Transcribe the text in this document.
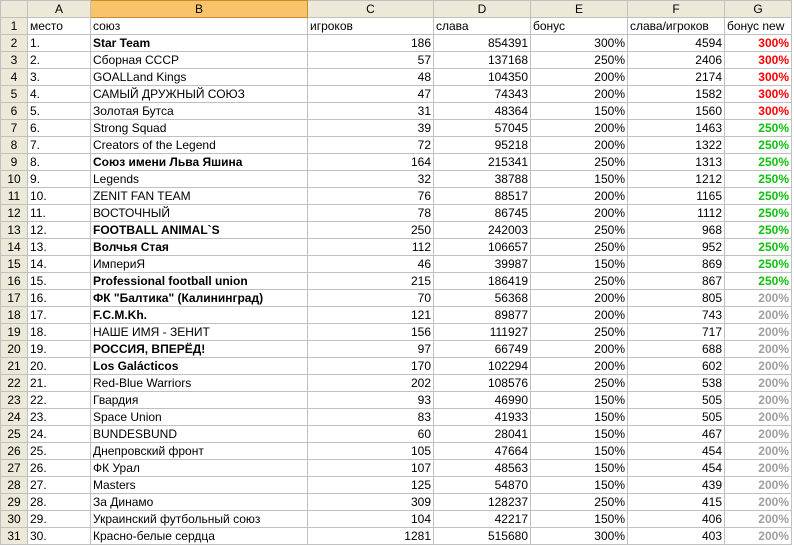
	A	B	C	D	E	F	G
1	место	союз	игроков	слава	бонус	слава/игроков	бонус new
2	1.	Star Team	186	854391	300%	4594	300%
3	2.	Сборная СССР	57	137168	250%	2406	300%
4	3.	GOALLand Kings	48	104350	200%	2174	300%
5	4.	САМЫЙ ДРУЖНЫЙ СОЮЗ	47	74343	200%	1582	300%
6	5.	Золотая Бутса	31	48364	150%	1560	300%
7	6.	Strong Squad	39	57045	200%	1463	250%
8	7.	Creators of the Legend	72	95218	200%	1322	250%
9	8.	Союз имени Льва Яшина	164	215341	250%	1313	250%
10	9.	Legends	32	38788	150%	1212	250%
11	10.	ZENIT FAN TEAM	76	88517	200%	1165	250%
12	11.	ВОСТОЧНЫЙ	78	86745	200%	1112	250%
13	12.	FOOTBALL ANIMAL`S	250	242003	250%	968	250%
14	13.	Волчья Стая	112	106657	250%	952	250%
15	14.	ИмпериЯ	46	39987	150%	869	250%
16	15.	Professional football union	215	186419	250%	867	250%
17	16.	ФК "Балтика" (Калининград)	70	56368	200%	805	200%
18	17.	F.C.M.Kh.	121	89877	200%	743	200%
19	18.	НАШЕ ИМЯ - ЗЕНИТ	156	111927	250%	717	200%
20	19.	РОССИЯ, ВПЕРЁД!	97	66749	200%	688	200%
21	20.	Los Galácticos	170	102294	200%	602	200%
22	21.	Red-Blue Warriors	202	108576	250%	538	200%
23	22.	Гвардия	93	46990	150%	505	200%
24	23.	Space Union	83	41933	150%	505	200%
25	24.	BUNDESBUND	60	28041	150%	467	200%
26	25.	Днепровский фронт	105	47664	150%	454	200%
27	26.	ФК Урал	107	48563	150%	454	200%
28	27.	Masters	125	54870	150%	439	200%
29	28.	За Динамо	309	128237	250%	415	200%
30	29.	Украинский футбольный союз	104	42217	150%	406	200%
31	30.	Красно-белые сердца	1281	515680	300%	403	200%
